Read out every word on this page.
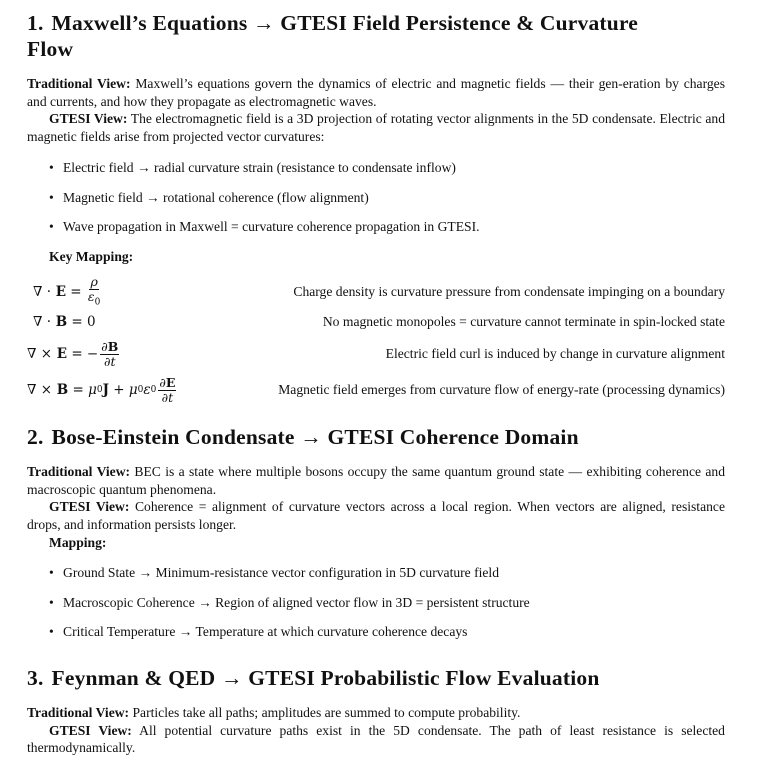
1. Maxwell’s Equations → GTESI Field Persistence & Curvature
Flow

Traditional View: Maxwell’s equations govern the dynamics of electric and magnetic fields — their gen-eration by charges and currents, and how they propagate as electromagnetic waves.

GTESI View: The electromagnetic field is a 3D projection of rotating vector alignments in the 5D condensate. Electric and magnetic fields arise from projected vector curvatures:

• Electric field → radial curvature strain (resistance to condensate inflow)
• Magnetic field → rotational coherence (flow alignment)
• Wave propagation in Maxwell = curvature coherence propagation in GTESI.
Key Mapping:
∇ · $E = \frac{\rho}{\varepsilon_0}$	Charge density is curvature pressure from condensate impinging on a boundary
∇ · B = 0	No magnetic monopoles = curvature cannot terminate in spin-locked state
∇ × E = − $\frac{\partial B}{\partial t}$	Electric field curl is induced by change in curvature alignment
∇ × B = μ 0 J + μ 0 ε $0 \frac{\partial E}{\partial t}$	Magnetic field emerges from curvature flow of energy-rate (processing dynamics)
2. Bose-Einstein Condensate → GTESI Coherence Domain

Traditional View: BEC is a state where multiple bosons occupy the same quantum ground state — exhibiting coherence and macroscopic quantum phenomena.

GTESI View: Coherence = alignment of curvature vectors across a local region. When vectors are aligned, resistance drops, and information persists longer.

Mapping:
• Ground State → Minimum-resistance vector configuration in 5D curvature field
• Macroscopic Coherence → Region of aligned vector flow in 3D = persistent structure
• Critical Temperature → Temperature at which curvature coherence decays
3. Feynman & QED → GTESI Probabilistic Flow Evaluation

Traditional View: Particles take all paths; amplitudes are summed to compute probability.

GTESI View: All potential curvature paths exist in the 5D condensate. The path of least resistance is selected thermodynamically.
